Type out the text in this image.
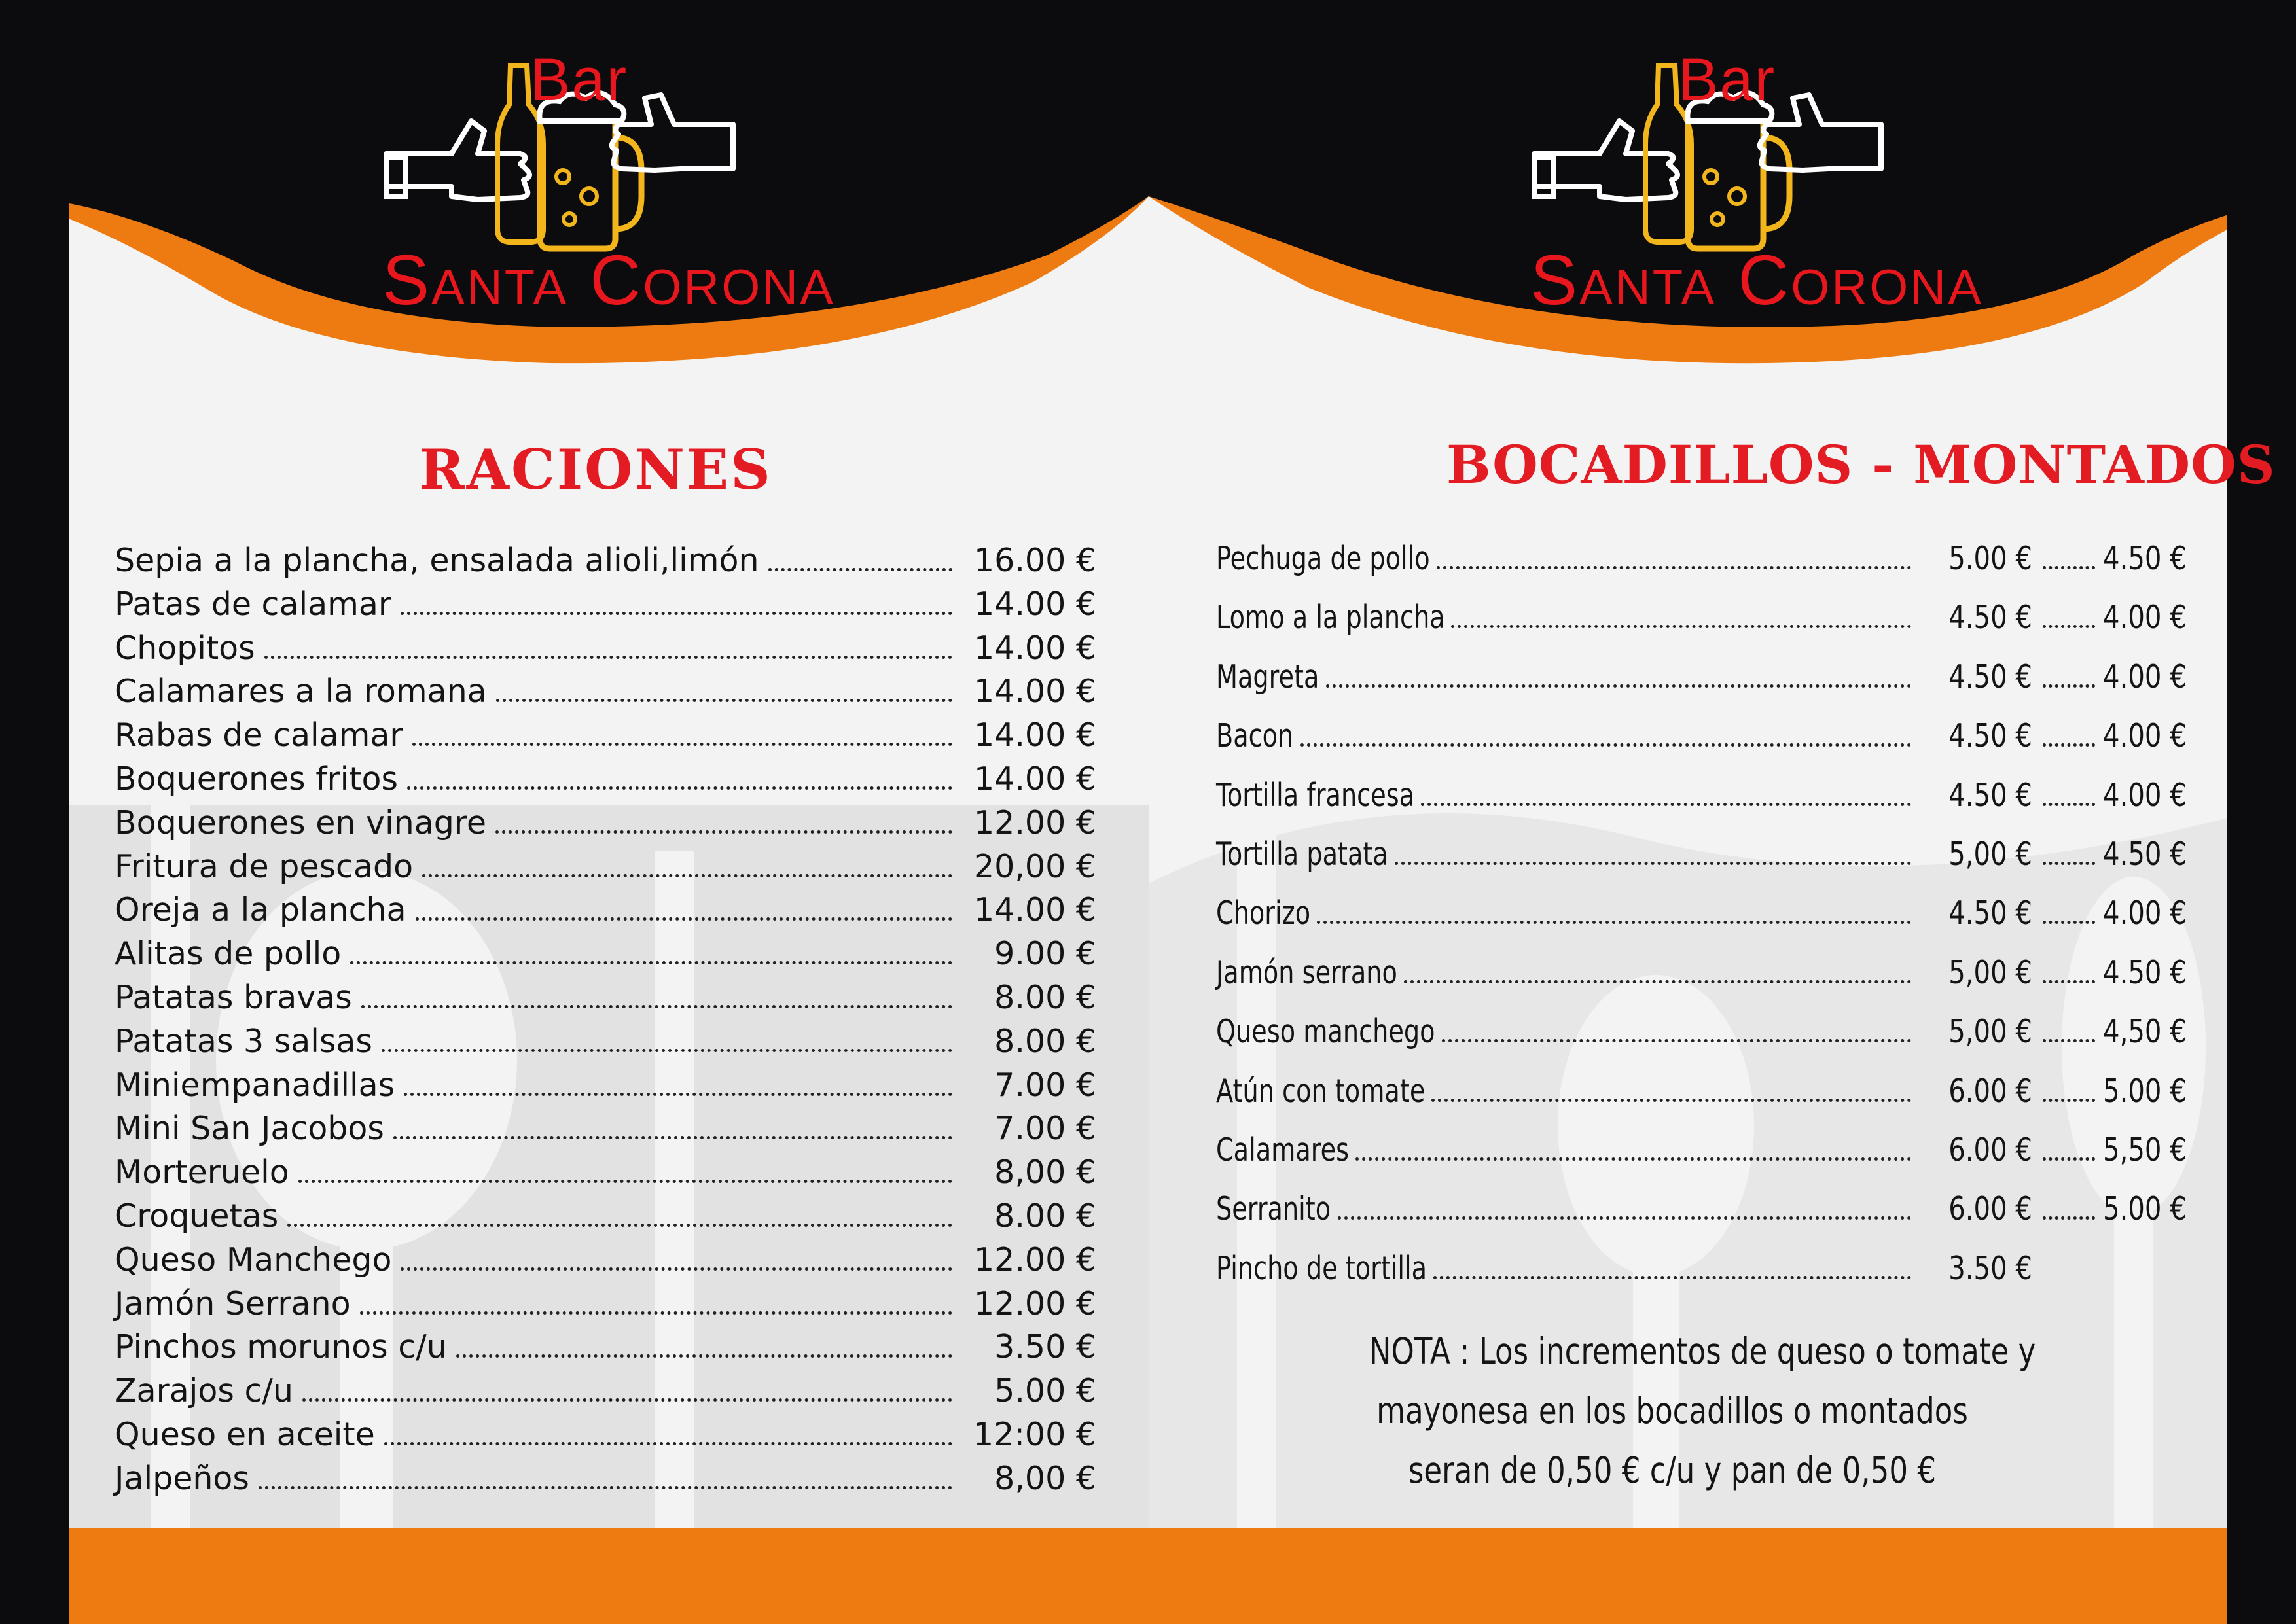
Bar
Santa Corona
RACIONES
Sepia a la plancha, ensalada alioli,limón	16.00 €
Patas de calamar	14.00 €
Chopitos	14.00 €
Calamares a la romana	14.00 €
Rabas de calamar	14.00 €
Boquerones fritos	14.00 €
Boquerones en vinagre	12.00 €
Fritura de pescado	20,00 €
Oreja a la plancha	14.00 €
Alitas de pollo	9.00 €
Patatas bravas	8.00 €
Patatas 3 salsas	8.00 €
Miniempanadillas	7.00 €
Mini San Jacobos	7.00 €
Morteruelo	8,00 €
Croquetas	8.00 €
Queso Manchego	12.00 €
Jamón Serrano	12.00 €
Pinchos morunos c/u	3.50 €
Zarajos c/u	5.00 €
Queso en aceite	12:00 €
Jalpeños	8,00 €
Bar
Santa Corona
BOCADILLOS - MONTADOS
Pechuga de pollo	5.00 € 4.50 €
Lomo a la plancha	4.50 € 4.00 €
Magreta	4.50 € 4.00 €
Bacon	4.50 € 4.00 €
Tortilla francesa	4.50 € 4.00 €
Tortilla patata	5,00 € 4.50 €
Chorizo	4.50 € 4.00 €
Jamón serrano	5,00 € 4.50 €
Queso manchego	5,00 € 4,50 €
Atún con tomate	6.00 € 5.00 €
Calamares	6.00 € 5,50 €
Serranito	6.00 € 5.00 €
Pincho de tortilla	3.50 €
NOTA : Los incrementos de queso o tomate y
mayonesa en los bocadillos o montados
seran de 0,50 € c/u y pan de 0,50 €
